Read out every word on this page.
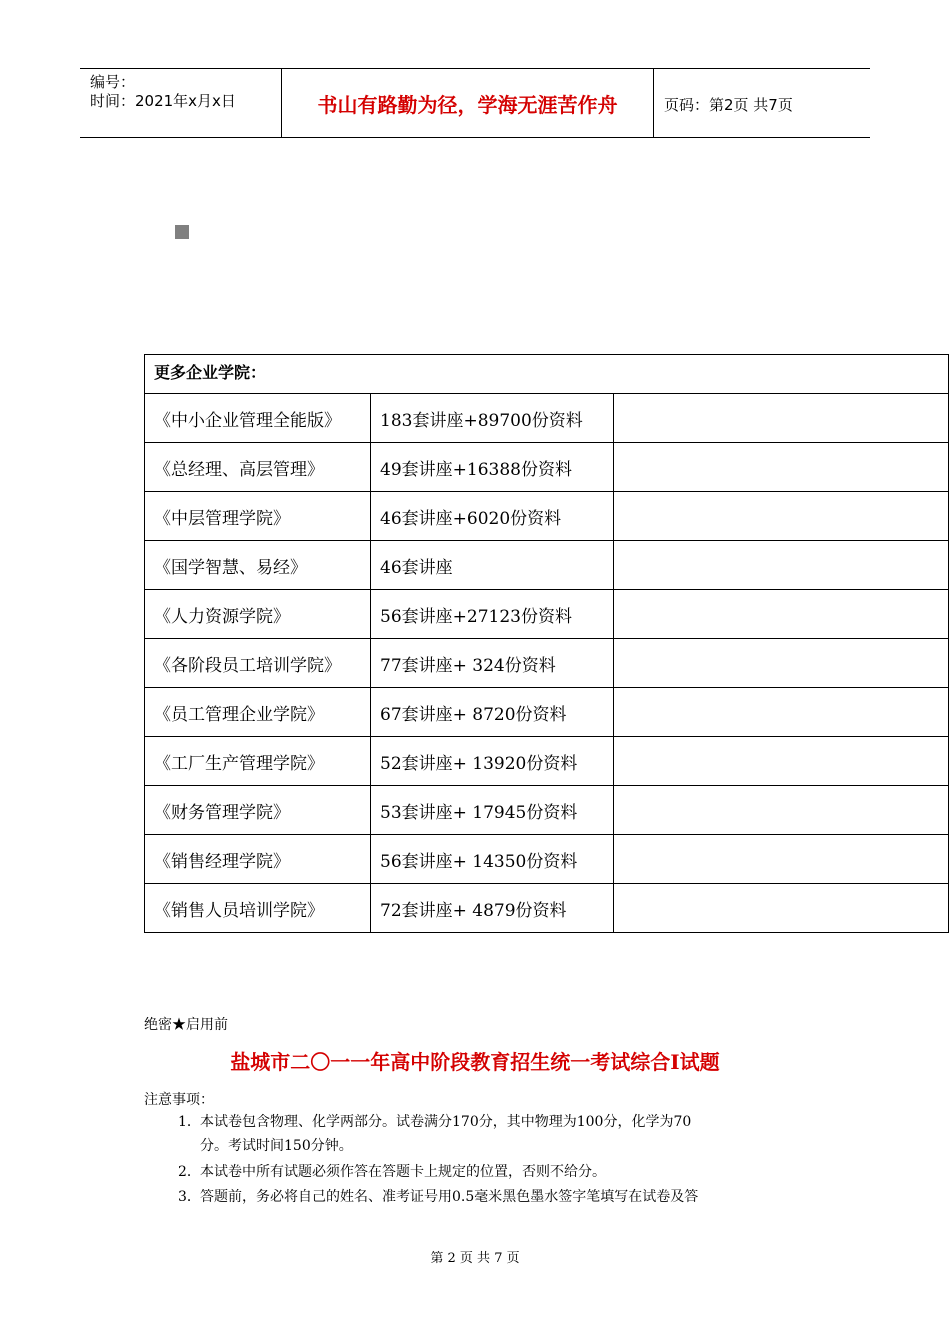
编号：
时间：2021年x月x日	书山有路勤为径，学海无涯苦作舟	页码：第2页 共7页
更多企业学院：		
《中小企业管理全能版》	183套讲座+89700份资料	
《总经理、高层管理》	49套讲座+16388份资料	
《中层管理学院》	46套讲座+6020份资料	
《国学智慧、易经》	46套讲座	
《人力资源学院》	56套讲座+27123份资料	
《各阶段员工培训学院》	77套讲座+ 324份资料	
《员工管理企业学院》	67套讲座+ 8720份资料	
《工厂生产管理学院》	52套讲座+ 13920份资料	
《财务管理学院》	53套讲座+ 17945份资料	
《销售经理学院》	56套讲座+ 14350份资料	
《销售人员培训学院》	72套讲座+ 4879份资料	
绝密★启用前
盐城市二〇一一年高中阶段教育招生统一考试综合Ⅰ试题
注意事项：
1．本试卷包含物理、化学两部分。试卷满分170分，其中物理为100分，化学为70
分。考试时间150分钟。
2．本试卷中所有试题必须作答在答题卡上规定的位置，否则不给分。
3．答题前，务必将自己的姓名、准考证号用0.5毫米黑色墨水签字笔填写在试卷及答
第 2 页 共 7 页
